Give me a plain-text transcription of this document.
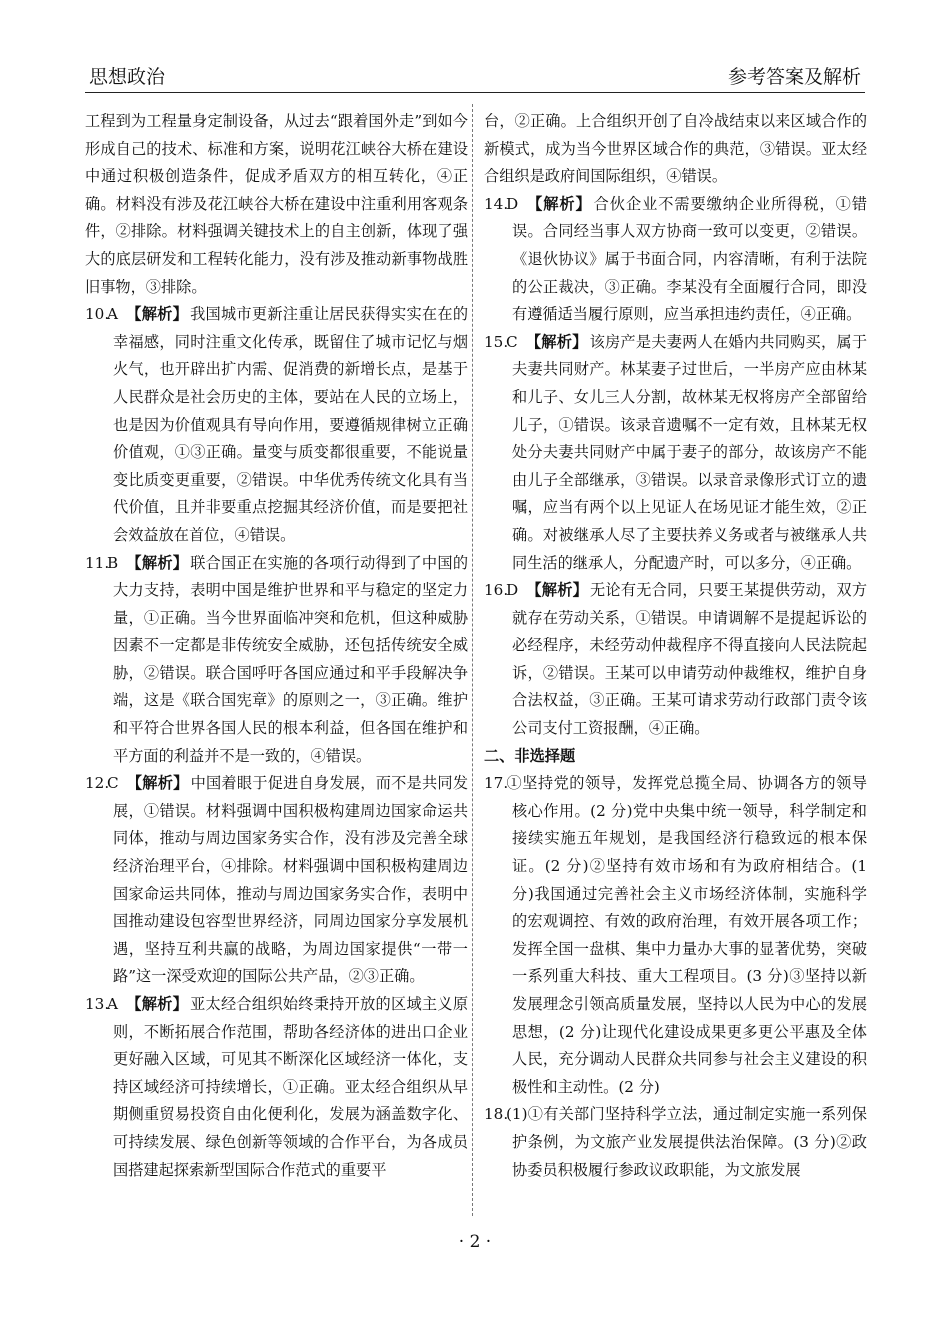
思想政治	参考答案及解析

工程到为工程量身定制设备，从过去“跟着国外走”到如今形成自己的技术、标准和方案，说明花江峡谷大桥在建设中通过积极创造条件，促成矛盾双方的相互转化，④正确。材料没有涉及花江峡谷大桥在建设中注重利用客观条件，②排除。材料强调关键技术上的自主创新，体现了强大的底层研发和工程转化能力，没有涉及推动新事物战胜旧事物，③排除。

10.A 【解析】 我国城市更新注重让居民获得实实在在的幸福感，同时注重文化传承，既留住了城市记忆与烟火气，也开辟出扩内需、促消费的新增长点，是基于人民群众是社会历史的主体，要站在人民的立场上，也是因为价值观具有导向作用，要遵循规律树立正确价值观，①③正确。量变与质变都很重要，不能说量变比质变更重要，②错误。中华优秀传统文化具有当代价值，且并非要重点挖掘其经济价值，而是要把社会效益放在首位，④错误。

11.B 【解析】 联合国正在实施的各项行动得到了中国的大力支持，表明中国是维护世界和平与稳定的坚定力量，①正确。当今世界面临冲突和危机，但这种威胁因素不一定都是非传统安全威胁，还包括传统安全威胁，②错误。联合国呼吁各国应通过和平手段解决争端，这是《联合国宪章》的原则之一，③正确。维护和平符合世界各国人民的根本利益，但各国在维护和平方面的利益并不是一致的，④错误。

12.C 【解析】 中国着眼于促进自身发展，而不是共同发展，①错误。材料强调中国积极构建周边国家命运共同体，推动与周边国家务实合作，没有涉及完善全球经济治理平台，④排除。材料强调中国积极构建周边国家命运共同体，推动与周边国家务实合作，表明中国推动建设包容型世界经济，同周边国家分享发展机遇，坚持互利共赢的战略，为周边国家提供“一带一路”这一深受欢迎的国际公共产品，②③正确。

13.A 【解析】 亚太经合组织始终秉持开放的区域主义原则，不断拓展合作范围，帮助各经济体的进出口企业更好融入区域，可见其不断深化区域经济一体化，支持区域经济可持续增长，①正确。亚太经合组织从早期侧重贸易投资自由化便利化，发展为涵盖数字化、可持续发展、绿色创新等领域的合作平台，为各成员国搭建起探索新型国际合作范式的重要平

台，②正确。上合组织开创了自冷战结束以来区域合作的新模式，成为当今世界区域合作的典范，③错误。亚太经合组织是政府间国际组织，④错误。

14.D 【解析】 合伙企业不需要缴纳企业所得税，①错误。合同经当事人双方协商一致可以变更，②错误。《退伙协议》属于书面合同，内容清晰，有利于法院的公正裁决，③正确。李某没有全面履行合同，即没有遵循适当履行原则，应当承担违约责任，④正确。

15.C 【解析】 该房产是夫妻两人在婚内共同购买，属于夫妻共同财产。林某妻子过世后，一半房产应由林某和儿子、女儿三人分割，故林某无权将房产全部留给儿子，①错误。该录音遗嘱不一定有效，且林某无权处分夫妻共同财产中属于妻子的部分，故该房产不能由儿子全部继承，③错误。以录音录像形式订立的遗嘱，应当有两个以上见证人在场见证才能生效，②正确。对被继承人尽了主要扶养义务或者与被继承人共同生活的继承人，分配遗产时，可以多分，④正确。

16.D 【解析】 无论有无合同，只要王某提供劳动，双方就存在劳动关系，①错误。申请调解不是提起诉讼的必经程序，未经劳动仲裁程序不得直接向人民法院起诉，②错误。王某可以申请劳动仲裁维权，维护自身合法权益，③正确。王某可请求劳动行政部门责令该公司支付工资报酬，④正确。

二、非选择题

17.①坚持党的领导，发挥党总揽全局、协调各方的领导核心作用。(2 分)党中央集中统一领导，科学制定和接续实施五年规划，是我国经济行稳致远的根本保证。(2 分)②坚持有效市场和有为政府相结合。(1 分)我国通过完善社会主义市场经济体制，实施科学的宏观调控、有效的政府治理，有效开展各项工作；发挥全国一盘棋、集中力量办大事的显著优势，突破一系列重大科技、重大工程项目。(3 分)③坚持以新发展理念引领高质量发展，坚持以人民为中心的发展思想，(2 分)让现代化建设成果更多更公平惠及全体人民，充分调动人民群众共同参与社会主义建设的积极性和主动性。(2 分)

18.(1)①有关部门坚持科学立法，通过制定实施一系列保护条例，为文旅产业发展提供法治保障。(3 分)②政协委员积极履行参政议政职能，为文旅发展

· 2 ·
